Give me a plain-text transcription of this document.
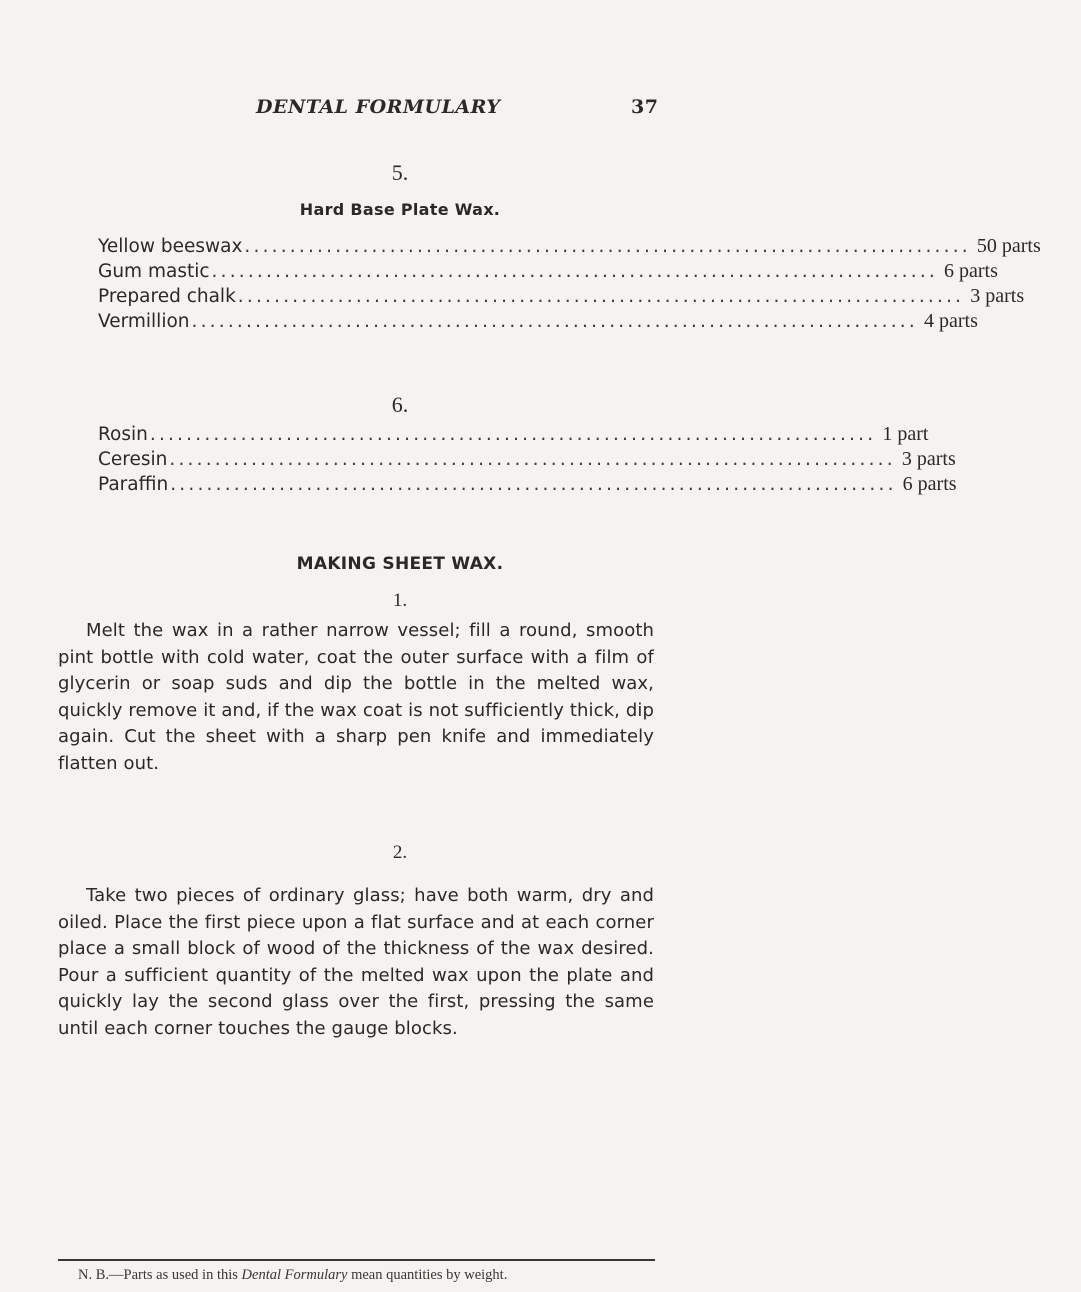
DENTAL FORMULARY	37
5.
Hard Base Plate Wax.
Yellow beeswax ................................................................................ 50 parts
Gum mastic ................................................................................ 6 parts
Prepared chalk ................................................................................ 3 parts
Vermillion ................................................................................ 4 parts
6.
Rosin ................................................................................ 1 part
Ceresin ................................................................................ 3 parts
Paraffin ................................................................................ 6 parts
MAKING SHEET WAX.
1.
Melt the wax in a rather narrow vessel; fill a round, smooth pint bottle with cold water, coat the outer surface with a film of glycerin or soap suds and dip the bottle in the melted wax, quickly remove it and, if the wax coat is not sufficiently thick, dip again. Cut the sheet with a sharp pen knife and immediately flatten out.
2.
Take two pieces of ordinary glass; have both warm, dry and oiled. Place the first piece upon a flat surface and at each corner place a small block of wood of the thickness of the wax desired. Pour a sufficient quantity of the melted wax upon the plate and quickly lay the second glass over the first, pressing the same until each corner touches the gauge blocks.
N. B.—Parts as used in this Dental Formulary mean quantities by weight.
